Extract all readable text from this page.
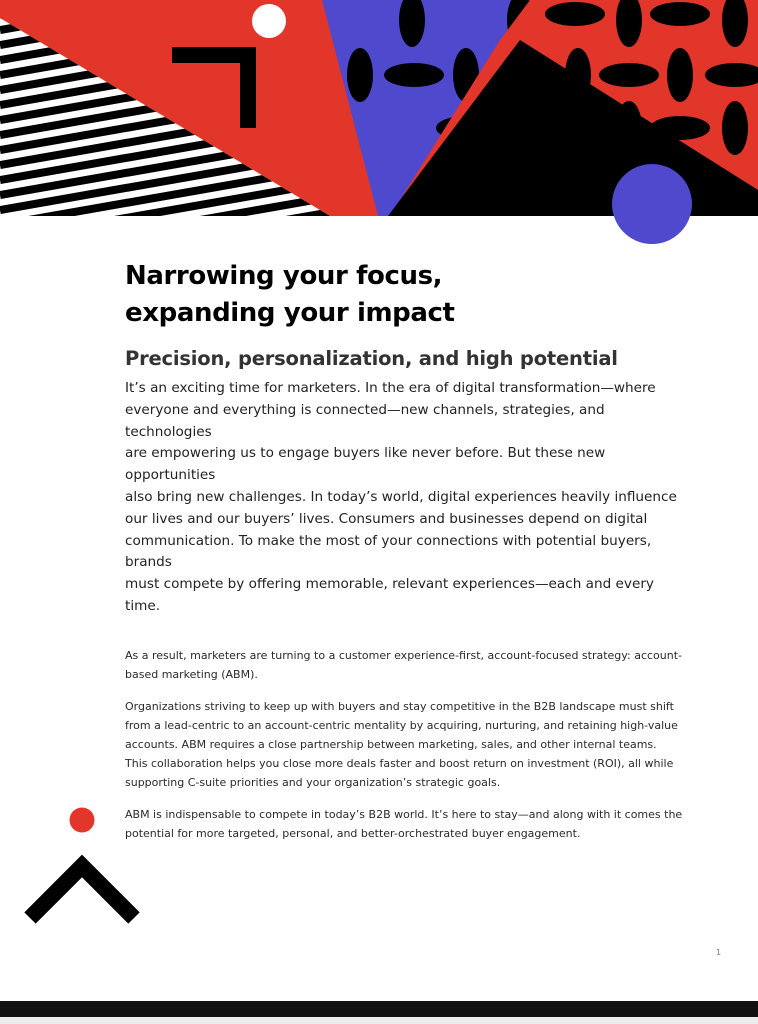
Narrowing your focus,
expanding your impact
Precision, personalization, and high potential

It’s an exciting time for marketers. In the era of digital transformation—where
everyone and everything is connected—new channels, strategies, and technologies
are empowering us to engage buyers like never before. But these new opportunities
also bring new challenges. In today’s world, digital experiences heavily influence
our lives and our buyers’ lives. Consumers and businesses depend on digital
communication. To make the most of your connections with potential buyers, brands
must compete by offering memorable, relevant experiences—each and every time.

As a result, marketers are turning to a customer experience-first, account-focused strategy: account-
based marketing (ABM).

Organizations striving to keep up with buyers and stay competitive in the B2B landscape must shift
from a lead-centric to an account-centric mentality by acquiring, nurturing, and retaining high-value
accounts. ABM requires a close partnership between marketing, sales, and other internal teams.
This collaboration helps you close more deals faster and boost return on investment (ROI), all while
supporting C-suite priorities and your organization’s strategic goals.

ABM is indispensable to compete in today’s B2B world. It’s here to stay—and along with it comes the
potential for more targeted, personal, and better-orchestrated buyer engagement.

1
